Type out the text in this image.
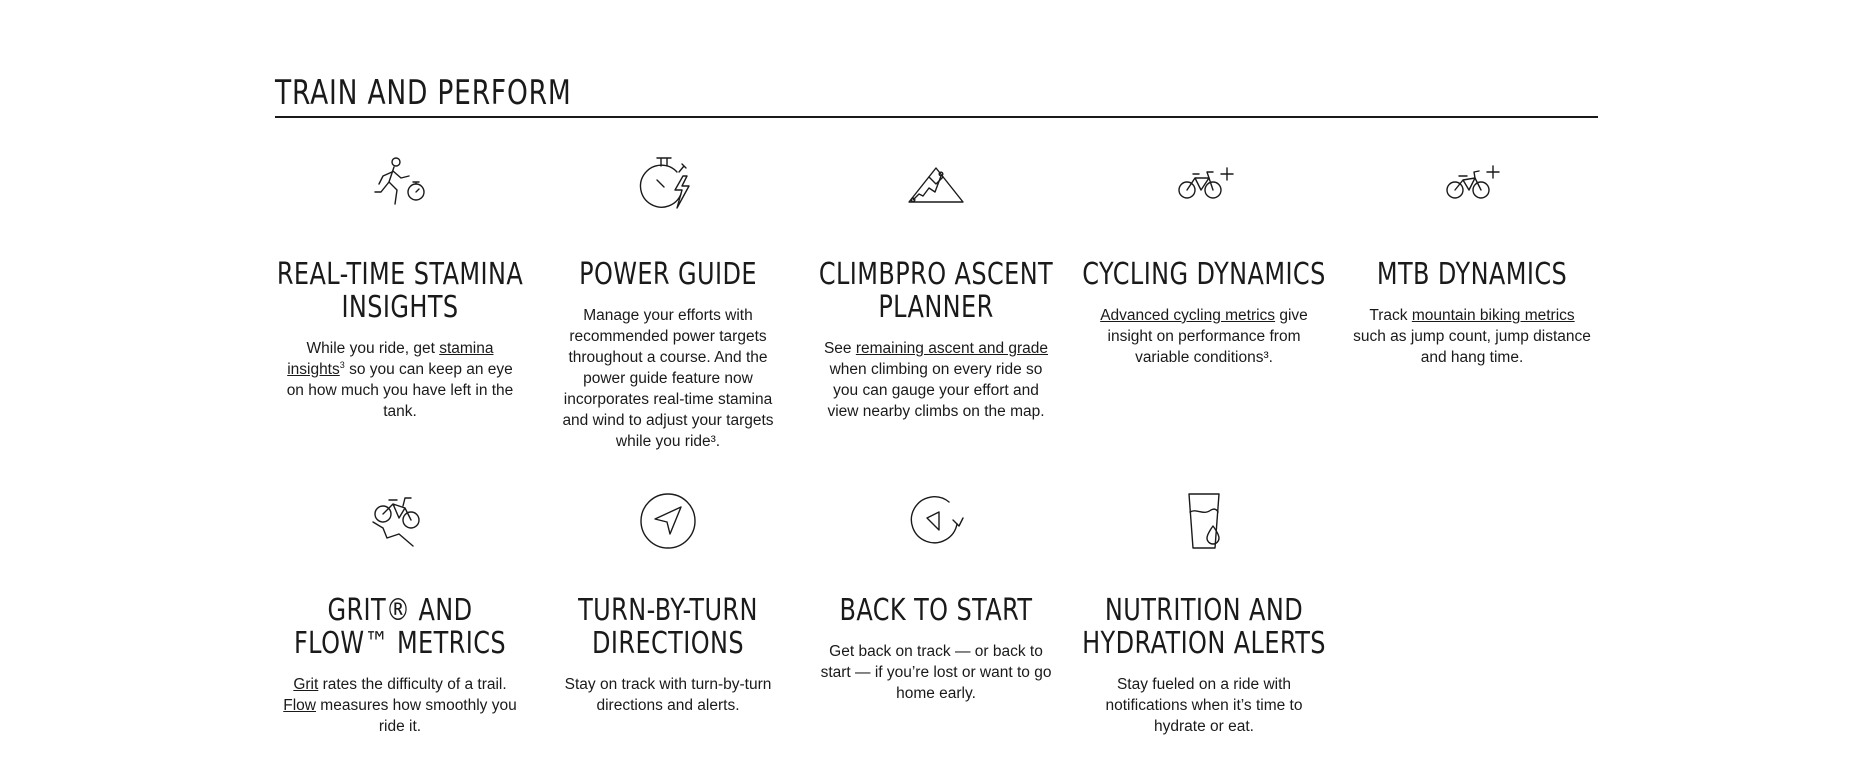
TRAIN AND PERFORM
REAL-TIME STAMINA INSIGHTS

While you ride, get stamina insights$^3$ so you can keep an eye on how much you have left in the tank.

POWER GUIDE

Manage your efforts with recommended power targets throughout a course. And the power guide feature now incorporates real-time stamina and wind to adjust your targets while you ride³.

CLIMBPRO ASCENT PLANNER

See remaining ascent and grade when climbing on every ride so you can gauge your effort and view nearby climbs on the map.

CYCLING DYNAMICS

Advanced cycling metrics give insight on performance from variable conditions³.

MTB DYNAMICS

Track mountain biking metrics such as jump count, jump distance and hang time.

GRIT® AND FLOW™ METRICS

Grit rates the difficulty of a trail. Flow measures how smoothly you ride it.

TURN-BY-TURN DIRECTIONS

Stay on track with turn-by-turn directions and alerts.

BACK TO START

Get back on track — or back to start — if you’re lost or want to go home early.

NUTRITION AND HYDRATION ALERTS

Stay fueled on a ride with notifications when it’s time to hydrate or eat.
